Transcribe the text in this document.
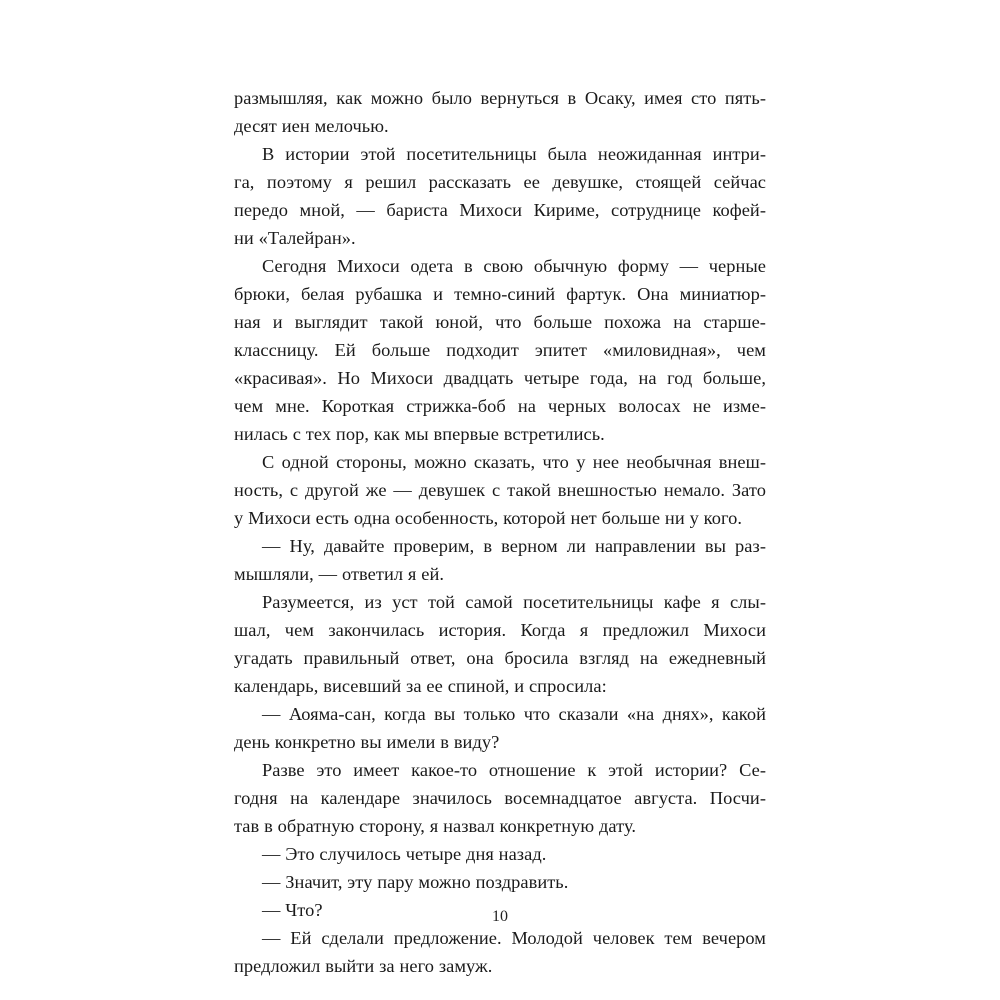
размышляя, как можно было вернуться в Осаку, имея сто пять-
десят иен мелочью.

В истории этой посетительницы была неожиданная интри-
га, поэтому я решил рассказать ее девушке, стоящей сейчас
передо мной, — бариста Михоси Кириме, сотруднице кофей-
ни «Талейран».

Сегодня Михоси одета в свою обычную форму — черные
брюки, белая рубашка и темно-синий фартук. Она миниатюр-
ная и выглядит такой юной, что больше похожа на старше-
классницу. Ей больше подходит эпитет «миловидная», чем
«красивая». Но Михоси двадцать четыре года, на год больше,
чем мне. Короткая стрижка-боб на черных волосах не изме-
нилась с тех пор, как мы впервые встретились.

С одной стороны, можно сказать, что у нее необычная внеш-
ность, с другой же — девушек с такой внешностью немало. Зато
у Михоси есть одна особенность, которой нет больше ни у кого.

— Ну, давайте проверим, в верном ли направлении вы раз-
мышляли, — ответил я ей.

Разумеется, из уст той самой посетительницы кафе я слы-
шал, чем закончилась история. Когда я предложил Михоси
угадать правильный ответ, она бросила взгляд на ежедневный
календарь, висевший за ее спиной, и спросила:

— Аояма-сан, когда вы только что сказали «на днях», какой
день конкретно вы имели в виду?

Разве это имеет какое-то отношение к этой истории? Се-
годня на календаре значилось восемнадцатое августа. Посчи-
тав в обратную сторону, я назвал конкретную дату.

— Это случилось четыре дня назад.

— Значит, эту пару можно поздравить.

— Что?

— Ей сделали предложение. Молодой человек тем вечером
предложил выйти за него замуж.

10
